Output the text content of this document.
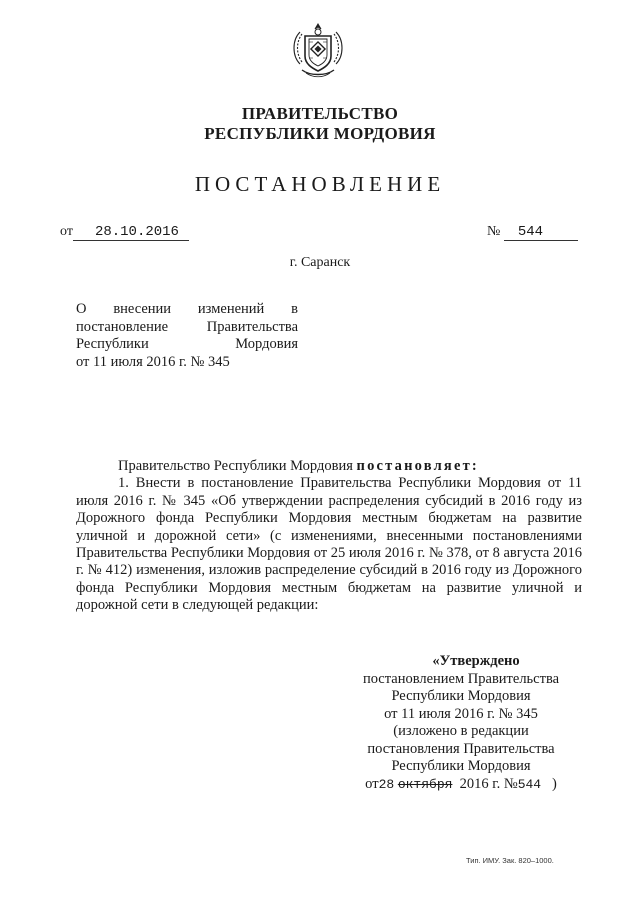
ПРАВИТЕЛЬСТВО
РЕСПУБЛИКИ МОРДОВИЯ
ПОСТАНОВЛЕНИЕ
от 28.10.2016	№ 544
г. Саранск
О внесении изменений в
постановление Правительства
Республики Мордовия
от 11 июля 2016 г. № 345

Правительство Республики Мордовия постановляет:

1. Внести в постановление Правительства Республики Мордовия от 11 июля 2016 г. № 345 «Об утверждении распределения субсидий в 2016 году из Дорожного фонда Республики Мордовия местным бюджетам на развитие уличной и дорожной сети» (с изменениями, внесенными постановлениями Правительства Республики Мордовия от 25 июля 2016 г. № 378, от 8 августа 2016 г. № 412) изменения, изложив распределение субсидий в 2016 году из Дорожного фонда Республики Мордовия местным бюджетам на развитие уличной и дорожной сети в следующей редакции:

«Утверждено
постановлением Правительства
Республики Мордовия
от 11 июля 2016 г. № 345
(изложено в редакции
постановления Правительства
Республики Мордовия
от28 октября 2016 г. №544 )
Тип. ИМУ. Зак. 820–1000.
